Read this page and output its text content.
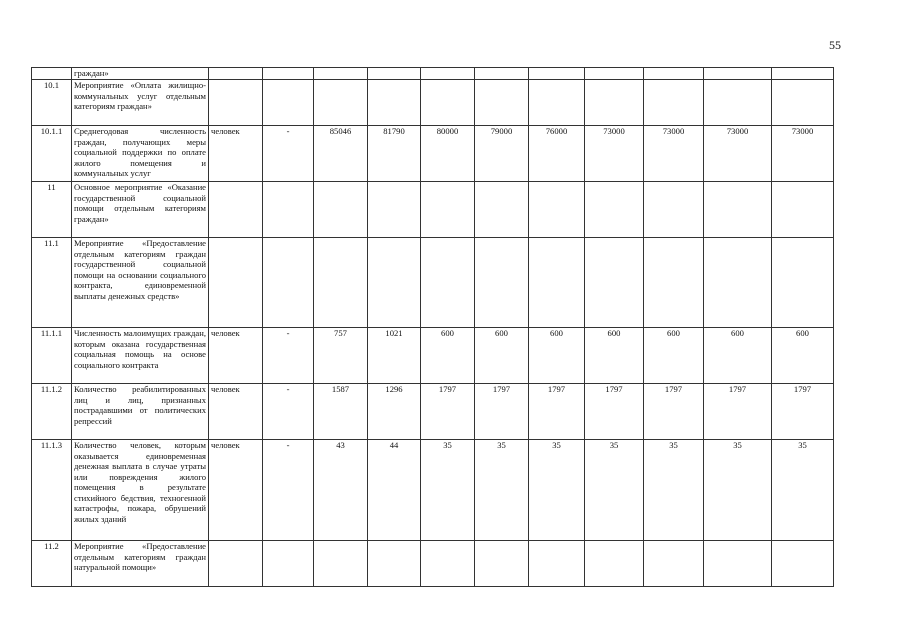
55
	граждан»											
10.1	Мероприятие «Оплата жилищно-коммунальных услуг отдельным категориям граждан»											
10.1.1	Среднегодовая численность граждан, получающих меры социальной поддержки по оплате жилого помещения и коммунальных услуг	человек	-	85046	81790	80000	79000	76000	73000	73000	73000	73000
11	Основное мероприятие «Оказание государственной социальной помощи отдельным категориям граждан»											
11.1	Мероприятие «Предоставление отдельным категориям граждан государственной социальной помощи на основании социального контракта, единовременной выплаты денежных средств»											
11.1.1	Численность малоимущих граждан, которым оказана государственная социальная помощь на основе социального контракта	человек	-	757	1021	600	600	600	600	600	600	600
11.1.2	Количество реабилитированных лиц и лиц, признанных пострадавшими от политических репрессий	человек	-	1587	1296	1797	1797	1797	1797	1797	1797	1797
11.1.3	Количество человек, которым оказывается единовременная денежная выплата в случае утраты или повреждения жилого помещения в результате стихийного бедствия, техногенной катастрофы, пожара, обрушений жилых зданий	человек	-	43	44	35	35	35	35	35	35	35
11.2	Мероприятие «Предоставление отдельным категориям граждан натуральной помощи»											
